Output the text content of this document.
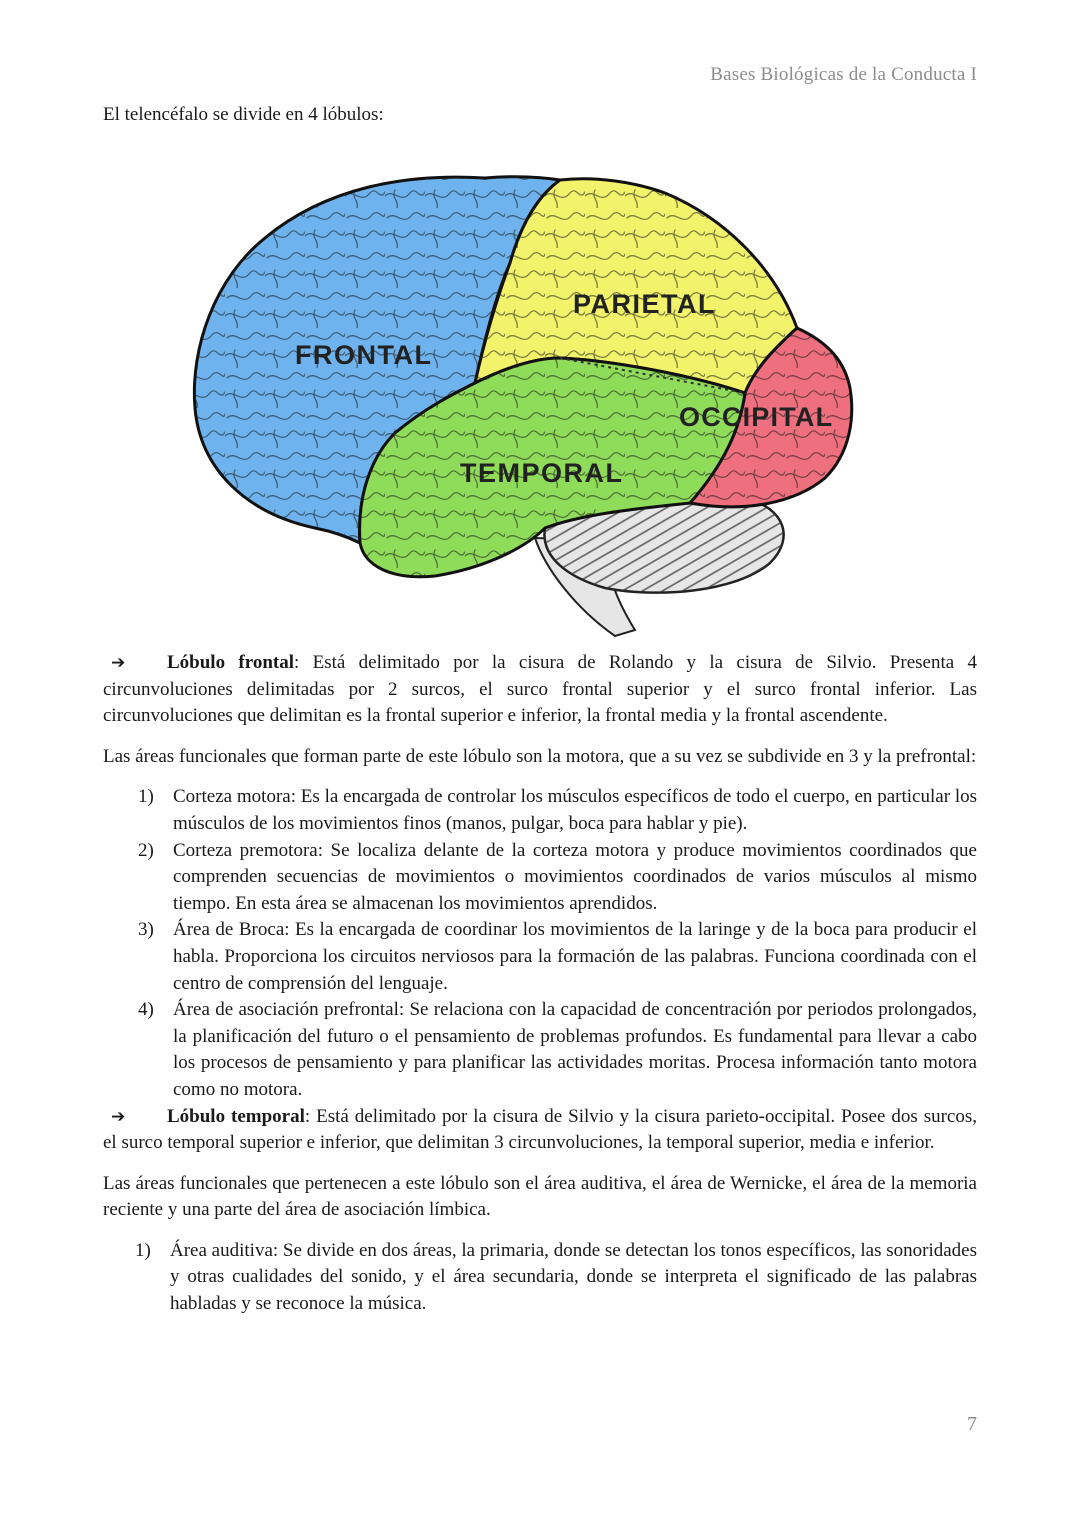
Bases Biológicas de la Conducta I
El telencéfalo se divide en 4 lóbulos:
FRONTAL
PARIETAL
OCCIPITAL
TEMPORAL

➔ Lóbulo frontal: Está delimitado por la cisura de Rolando y la cisura de Silvio. Presenta 4 circunvoluciones delimitadas por 2 surcos, el surco frontal superior y el surco frontal inferior. Las circunvoluciones que delimitan es la frontal superior e inferior, la frontal media y la frontal ascendente.

Las áreas funcionales que forman parte de este lóbulo son la motora, que a su vez se subdivide en 3 y la prefrontal:

1) Corteza motora: Es la encargada de controlar los músculos específicos de todo el cuerpo, en particular los músculos de los movimientos finos (manos, pulgar, boca para hablar y pie).
2) Corteza premotora: Se localiza delante de la corteza motora y produce movimientos coordinados que comprenden secuencias de movimientos o movimientos coordinados de varios músculos al mismo tiempo. En esta área se almacenan los movimientos aprendidos.
3) Área de Broca: Es la encargada de coordinar los movimientos de la laringe y de la boca para producir el habla. Proporciona los circuitos nerviosos para la formación de las palabras. Funciona coordinada con el centro de comprensión del lenguaje.
4) Área de asociación prefrontal: Se relaciona con la capacidad de concentración por periodos prolongados, la planificación del futuro o el pensamiento de problemas profundos. Es fundamental para llevar a cabo los procesos de pensamiento y para planificar las actividades moritas. Procesa información tanto motora como no motora.

➔ Lóbulo temporal: Está delimitado por la cisura de Silvio y la cisura parieto-occipital. Posee dos surcos, el surco temporal superior e inferior, que delimitan 3 circunvoluciones, la temporal superior, media e inferior.

Las áreas funcionales que pertenecen a este lóbulo son el área auditiva, el área de Wernicke, el área de la memoria reciente y una parte del área de asociación límbica.

1) Área auditiva: Se divide en dos áreas, la primaria, donde se detectan los tonos específicos, las sonoridades y otras cualidades del sonido, y el área secundaria, donde se interpreta el significado de las palabras habladas y se reconoce la música.
7
